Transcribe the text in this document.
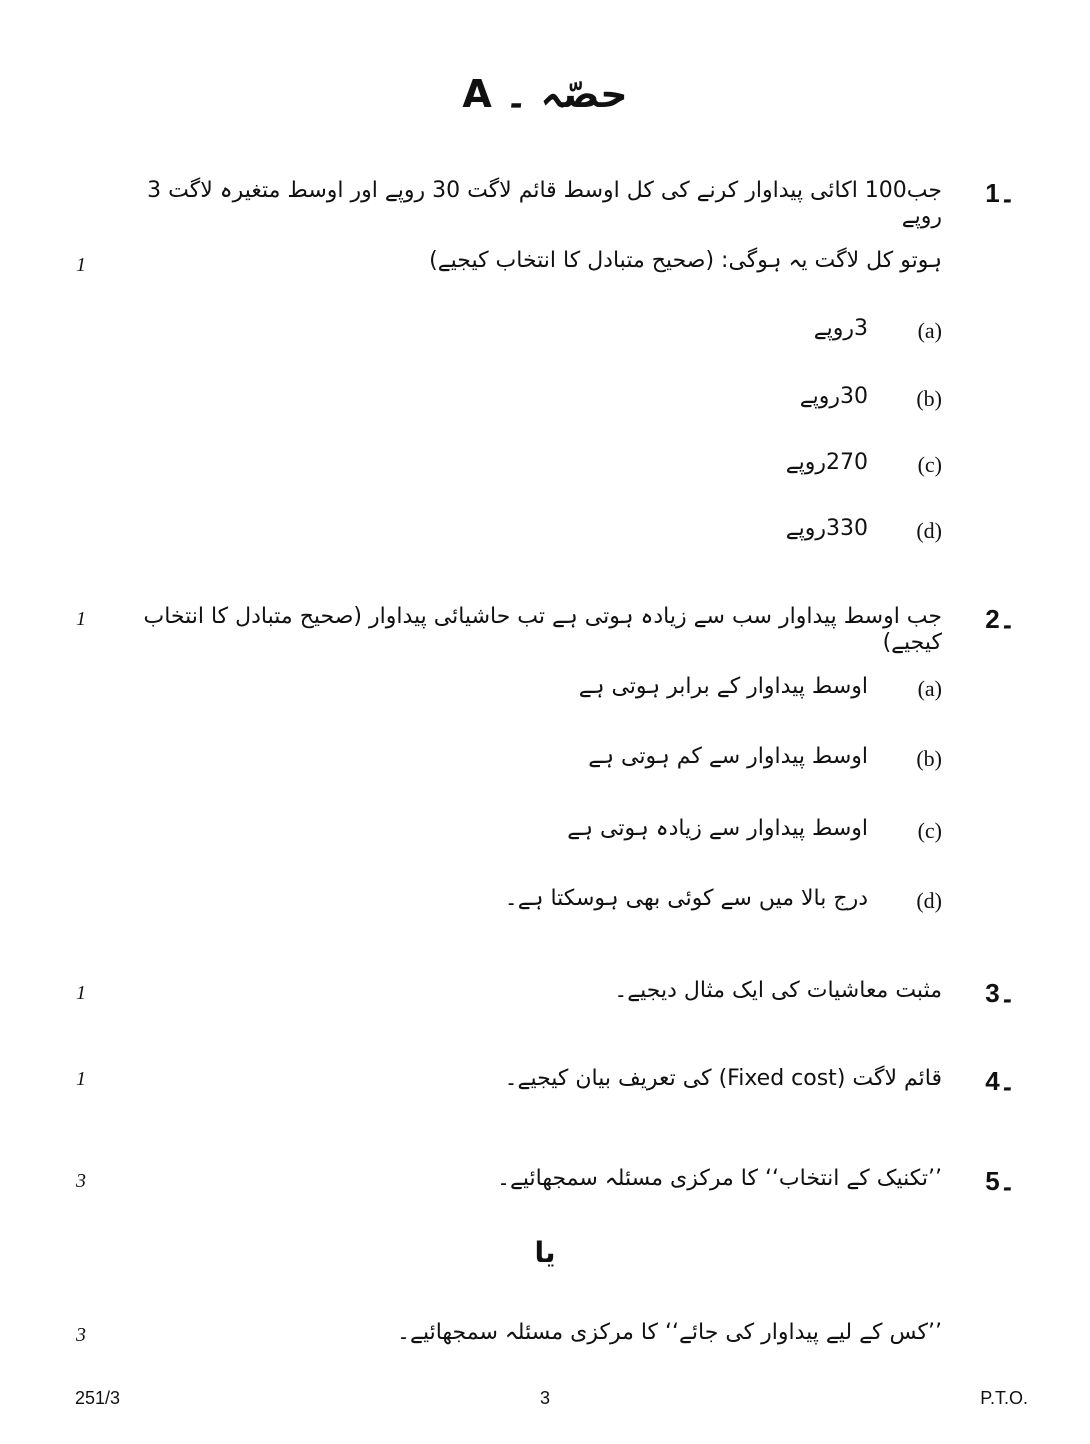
حصّہ ۔ A
1۔
جب100 اکائی پیداوار کرنے کی کل اوسط قائم لاگت 30 روپے اور اوسط متغیرہ لاگت 3 روپے
ہوتو کل لاگت یہ ہوگی: (صحیح متبادل کا انتخاب کیجیے)
1
(a)
3روپے
(b)
30روپے
(c)
270روپے
(d)
330روپے
2۔
جب اوسط پیداوار سب سے زیادہ ہوتی ہے تب حاشیائی پیداوار (صحیح متبادل کا انتخاب کیجیے)
1
(a)
اوسط پیداوار کے برابر ہوتی ہے
(b)
اوسط پیداوار سے کم ہوتی ہے
(c)
اوسط پیداوار سے زیادہ ہوتی ہے
(d)
درج بالا میں سے کوئی بھی ہوسکتا ہے۔
3۔
مثبت معاشیات کی ایک مثال دیجیے۔
1
4۔
قائم لاگت (Fixed cost) کی تعریف بیان کیجیے۔
1
5۔
’’تکنیک کے انتخاب‘‘ کا مرکزی مسئلہ سمجھائیے۔
3
یا
’’کس کے لیے پیداوار کی جائے‘‘ کا مرکزی مسئلہ سمجھائیے۔
3
251/3	3	P.T.O.
